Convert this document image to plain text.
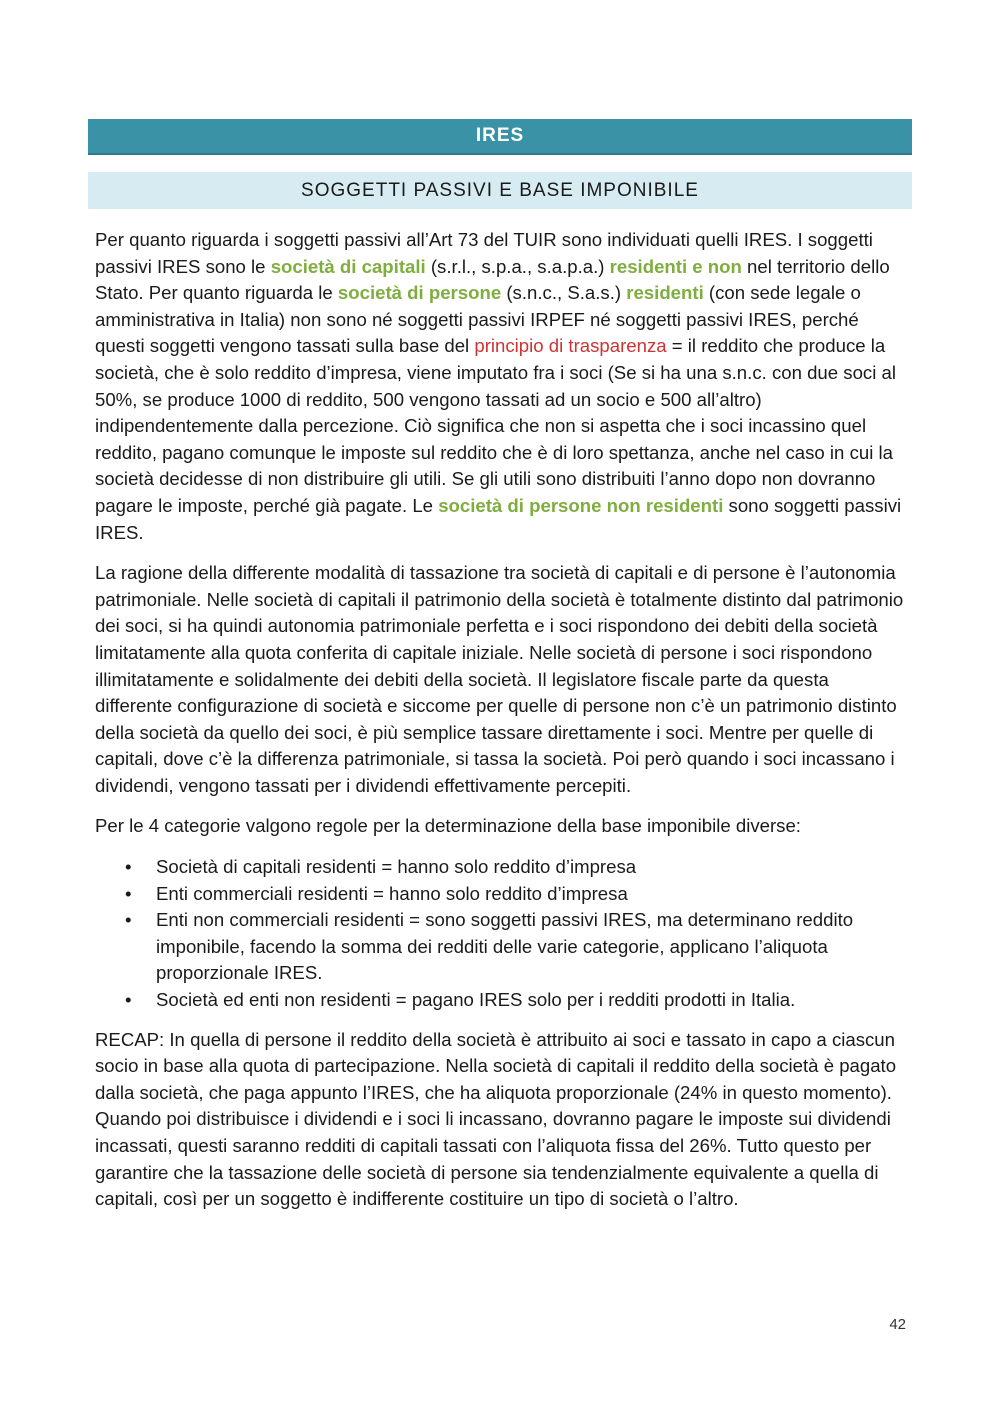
IRES
SOGGETTI PASSIVI E BASE IMPONIBILE

Per quanto riguarda i soggetti passivi all’Art 73 del TUIR sono individuati quelli IRES. I soggetti passivi IRES sono le società di capitali (s.r.l., s.p.a., s.a.p.a.) residenti e non nel territorio dello Stato. Per quanto riguarda le società di persone (s.n.c., S.a.s.) residenti (con sede legale o amministrativa in Italia) non sono né soggetti passivi IRPEF né soggetti passivi IRES, perché questi soggetti vengono tassati sulla base del principio di trasparenza = il reddito che produce la società, che è solo reddito d’impresa, viene imputato fra i soci (Se si ha una s.n.c. con due soci al 50%, se produce 1000 di reddito, 500 vengono tassati ad un socio e 500 all’altro) indipendentemente dalla percezione. Ciò significa che non si aspetta che i soci incassino quel reddito, pagano comunque le imposte sul reddito che è di loro spettanza, anche nel caso in cui la società decidesse di non distribuire gli utili. Se gli utili sono distribuiti l’anno dopo non dovranno pagare le imposte, perché già pagate. Le società di persone non residenti sono soggetti passivi IRES.

La ragione della differente modalità di tassazione tra società di capitali e di persone è l’autonomia patrimoniale. Nelle società di capitali il patrimonio della società è totalmente distinto dal patrimonio dei soci, si ha quindi autonomia patrimoniale perfetta e i soci rispondono dei debiti della società limitatamente alla quota conferita di capitale iniziale. Nelle società di persone i soci rispondono illimitatamente e solidalmente dei debiti della società. Il legislatore fiscale parte da questa differente configurazione di società e siccome per quelle di persone non c’è un patrimonio distinto della società da quello dei soci, è più semplice tassare direttamente i soci. Mentre per quelle di capitali, dove c’è la differenza patrimoniale, si tassa la società. Poi però quando i soci incassano i dividendi, vengono tassati per i dividendi effettivamente percepiti.

Per le 4 categorie valgono regole per la determinazione della base imponibile diverse:

• Società di capitali residenti = hanno solo reddito d’impresa
• Enti commerciali residenti = hanno solo reddito d’impresa
• Enti non commerciali residenti = sono soggetti passivi IRES, ma determinano reddito imponibile, facendo la somma dei redditi delle varie categorie, applicano l’aliquota proporzionale IRES.
• Società ed enti non residenti = pagano IRES solo per i redditi prodotti in Italia.

RECAP: In quella di persone il reddito della società è attribuito ai soci e tassato in capo a ciascun socio in base alla quota di partecipazione. Nella società di capitali il reddito della società è pagato dalla società, che paga appunto l’IRES, che ha aliquota proporzionale (24% in questo momento). Quando poi distribuisce i dividendi e i soci li incassano, dovranno pagare le imposte sui dividendi incassati, questi saranno redditi di capitali tassati con l’aliquota fissa del 26%. Tutto questo per garantire che la tassazione delle società di persone sia tendenzialmente equivalente a quella di capitali, così per un soggetto è indifferente costituire un tipo di società o l’altro.

42
